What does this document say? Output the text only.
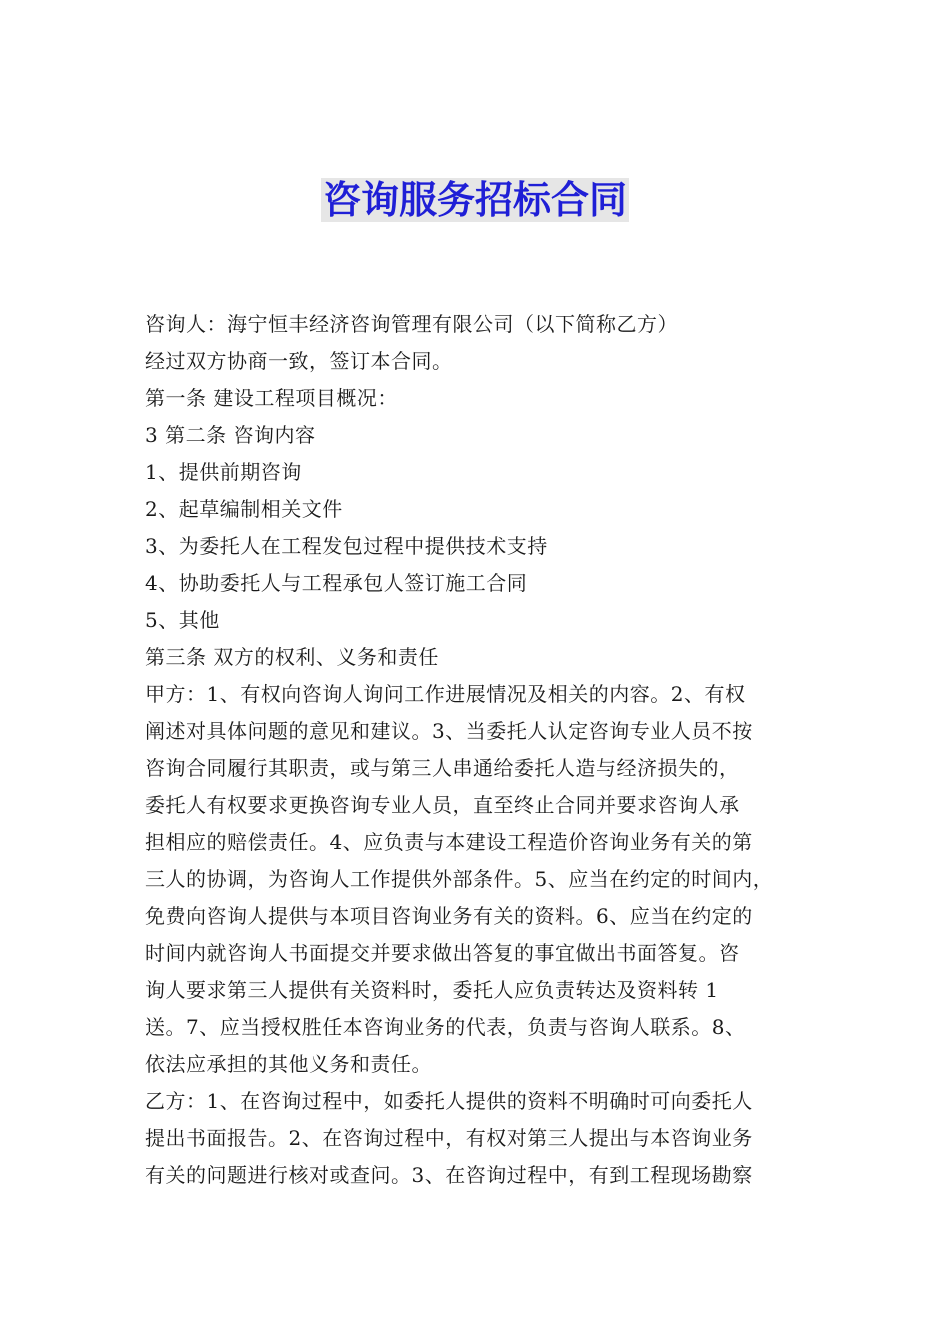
咨询服务招标合同

咨询人：海宁恒丰经济咨询管理有限公司（以下简称乙方）

经过双方协商一致，签订本合同。

第一条 建设工程项目概况：

3 第二条 咨询内容

1、提供前期咨询

2、起草编制相关文件

3、为委托人在工程发包过程中提供技术支持

4、协助委托人与工程承包人签订施工合同

5、其他

第三条 双方的权利、义务和责任

甲方：1、有权向咨询人询问工作进展情况及相关的内容。2、有权

阐述对具体问题的意见和建议。3、当委托人认定咨询专业人员不按

咨询合同履行其职责，或与第三人串通给委托人造与经济损失的，

委托人有权要求更换咨询专业人员，直至终止合同并要求咨询人承

担相应的赔偿责任。4、应负责与本建设工程造价咨询业务有关的第

三人的协调，为咨询人工作提供外部条件。5、应当在约定的时间内，

免费向咨询人提供与本项目咨询业务有关的资料。6、应当在约定的

时间内就咨询人书面提交并要求做出答复的事宜做出书面答复。咨

询人要求第三人提供有关资料时，委托人应负责转达及资料转 1

送。7、应当授权胜任本咨询业务的代表，负责与咨询人联系。8、

依法应承担的其他义务和责任。

乙方：1、在咨询过程中，如委托人提供的资料不明确时可向委托人

提出书面报告。2、在咨询过程中，有权对第三人提出与本咨询业务

有关的问题进行核对或查问。3、在咨询过程中，有到工程现场勘察
